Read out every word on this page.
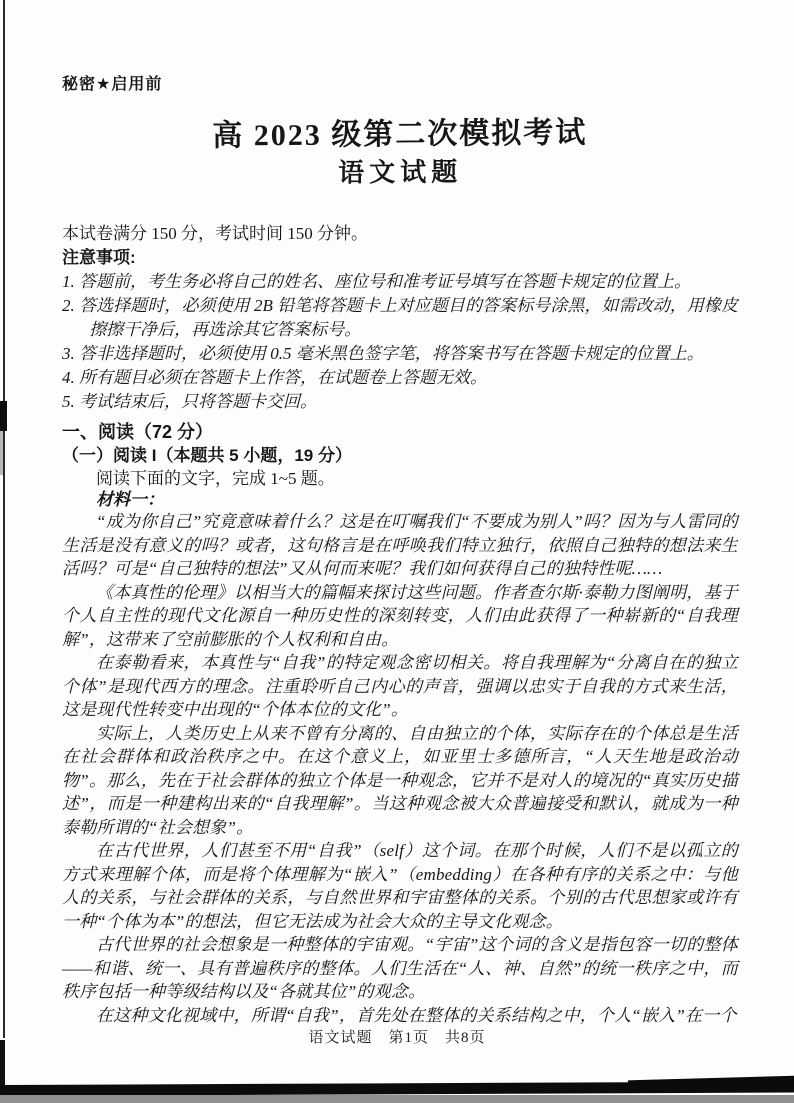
秘密★启用前
高 2023 级第二次模拟考试
语文试题
本试卷满分 150 分，考试时间 150 分钟。
注意事项:
1. 答题前，考生务必将自己的姓名、座位号和准考证号填写在答题卡规定的位置上。
2. 答选择题时，必须使用 2B 铅笔将答题卡上对应题目的答案标号涂黑，如需改动，用橡皮擦擦干净后，再选涂其它答案标号。
3. 答非选择题时，必须使用 0.5 毫米黑色签字笔，将答案书写在答题卡规定的位置上。
4. 所有题目必须在答题卡上作答，在试题卷上答题无效。
5. 考试结束后，只将答题卡交回。
一、阅读（72 分）
（一）阅读 I（本题共 5 小题，19 分）
阅读下面的文字，完成 1~5 题。
材料一：

“成为你自己”究竟意味着什么？这是在叮嘱我们“不要成为别人”吗？因为与人雷同的生活是没有意义的吗？或者，这句格言是在呼唤我们特立独行，依照自己独特的想法来生活吗？可是“自己独特的想法”又从何而来呢？我们如何获得自己的独特性呢……

《本真性的伦理》以相当大的篇幅来探讨这些问题。作者查尔斯·泰勒力图阐明，基于个人自主性的现代文化源自一种历史性的深刻转变，人们由此获得了一种崭新的“自我理解”，这带来了空前膨胀的个人权利和自由。

在泰勒看来，本真性与“自我”的特定观念密切相关。将自我理解为“分离自在的独立个体”是现代西方的理念。注重聆听自己内心的声音，强调以忠实于自我的方式来生活，这是现代性转变中出现的“个体本位的文化”。

实际上，人类历史上从来不曾有分离的、自由独立的个体，实际存在的个体总是生活在社会群体和政治秩序之中。在这个意义上，如亚里士多德所言，“人天生地是政治动物”。那么，先在于社会群体的独立个体是一种观念，它并不是对人的境况的“真实历史描述”，而是一种建构出来的“自我理解”。当这种观念被大众普遍接受和默认，就成为一种泰勒所谓的“社会想象”。

在古代世界，人们甚至不用“自我”（self）这个词。在那个时候，人们不是以孤立的方式来理解个体，而是将个体理解为“嵌入”（embedding）在各种有序的关系之中：与他人的关系，与社会群体的关系，与自然世界和宇宙整体的关系。个别的古代思想家或许有一种“个体为本”的想法，但它无法成为社会大众的主导文化观念。

古代世界的社会想象是一种整体的宇宙观。“宇宙”这个词的含义是指包容一切的整体——和谐、统一、具有普遍秩序的整体。人们生活在“人、神、自然”的统一秩序之中，而秩序包括一种等级结构以及“各就其位”的观念。

在这种文化视域中，所谓“自我”，首先处在整体的关系结构之中，个人“嵌入”在一个

语文试题　第1页　共8页
